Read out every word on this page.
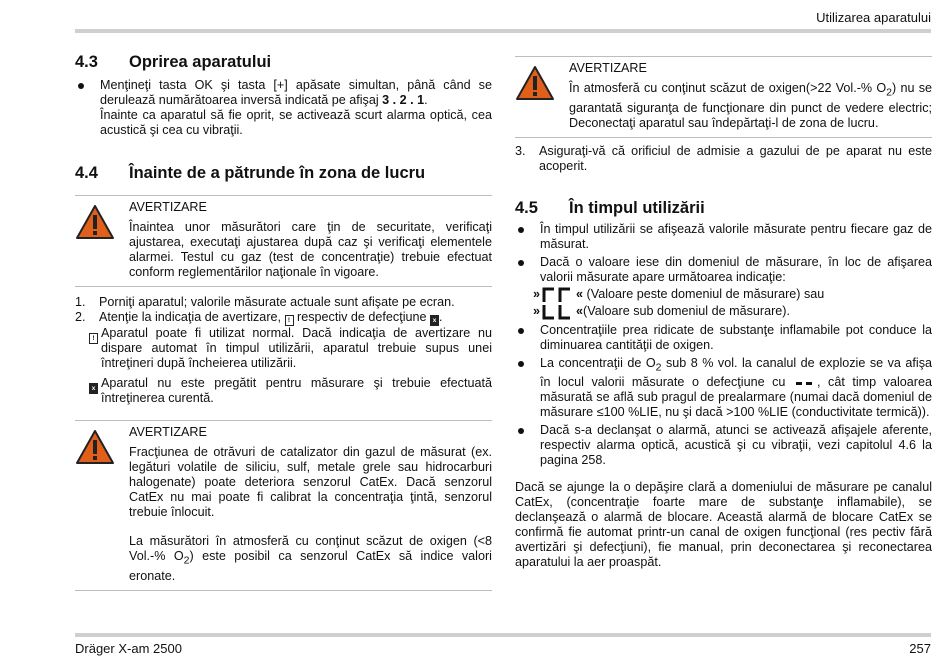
Utilizarea aparatului
4.3	Oprirea aparatului
Menţineţi tasta OK şi tasta [+] apăsate simultan, până când se derulează numărătoarea inversă indicată pe afişaj 3 . 2 . 1.
Înainte ca aparatul să fie oprit, se activează scurt alarma optică, cea acustică şi cea cu vibraţii.
4.4	Înainte de a pătrunde în zona de lucru
AVERTIZARE

Înaintea unor măsurători care ţin de securitate, verificaţi ajustarea, executaţi ajustarea după caz şi verificaţi elementele alarmei. Testul cu gaz (test de concentraţie) trebuie efectuat conform reglementărilor naţionale în vigoare.

1.	Porniţi aparatul; valorile măsurate actuale sunt afişate pe ecran.
2.	Atenţie la indicaţia de avertizare, ! respectiv de defecţiune x .
! Aparatul poate fi utilizat normal. Dacă indicaţia de avertizare nu dispare automat în timpul utilizării, aparatul trebuie supus unei întreţineri după încheierea utilizării.
x Aparatul nu este pregătit pentru măsurare şi trebuie efectuată întreţinerea curentă.
AVERTIZARE

Fracţiunea de otrăvuri de catalizator din gazul de măsurat (ex. legături volatile de siliciu, sulf, metale grele sau hidrocarburi halogenate) poate deteriora senzorul CatEx. Dacă senzorul CatEx nu mai poate fi calibrat la concentraţia ţintă, senzorul trebuie înlocuit.

La măsurători în atmosferă cu conţinut scăzut de oxigen (<8 Vol.-% $O_2$) este posibil ca senzorul CatEx să indice valori eronate.

AVERTIZARE

În atmosferă cu conţinut scăzut de oxigen(>22 Vol.-% $O_2$) nu se garantată siguranţa de funcţionare din punct de vedere electric; Deconectaţi aparatul sau îndepărtaţi-l de zona de lucru.

3.	Asiguraţi-vă că orificiul de admisie a gazului de pe aparat nu este acoperit.
4.5	În timpul utilizării
În timpul utilizării se afişează valorile măsurate pentru fiecare gaz de măsurat.
Dacă o valoare iese din domeniul de măsurare, în loc de afişarea valorii măsurate apare următoarea indicaţie:
»	«
(Valoare peste domeniul de măsurare) sau
»	« (Valoare sub domeniul de măsurare).
Concentraţiile prea ridicate de substanţe inflamabile pot conduce la diminuarea cantităţii de oxigen.
La concentraţii de $O_2$ sub 8 % vol. la canalul de explozie se va afişa în locul valorii măsurate o defecţiune cu	, cât timp valoarea măsurată se află sub pragul de prealarmare (numai dacă domeniul de măsurare ≤100 %LIE, nu şi dacă >100 %LIE (conductivitate termică)).
Dacă s-a declanşat o alarmă, atunci se activează afişajele aferente, respectiv alarma optică, acustică şi cu vibraţii, vezi capitolul 4.6 la pagina 258.

Dacă se ajunge la o depăşire clară a domeniului de măsurare pe canalul CatEx, (concentraţie foarte mare de substanţe inflamabile), se declanşează o alarmă de blocare. Această alarmă de blocare CatEx se confirmă fie automat printr-un canal de oxigen funcţional (res pectiv fără avertizări şi defecţiuni), fie manual, prin deconectarea şi reconectarea aparatului la aer proaspăt.

Dräger X-am 2500	257
